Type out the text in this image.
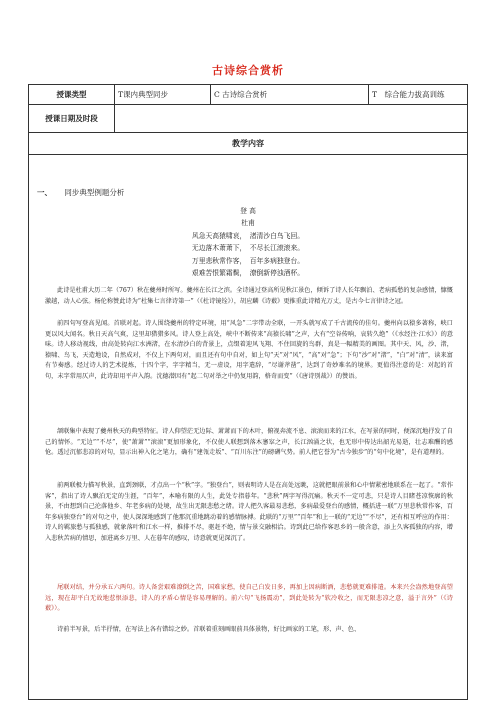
古诗综合赏析
授课类型	T课内典型同步	C 古诗综合赏析	T　综合能力拔高训练
授课日期及时段
教学内容
一、 同步典型例题分析
登 高
杜甫
风急天高猿啸哀，　渚清沙白鸟飞回。
无边落木萧萧下，　不尽长江滚滚来。
万里悲秋常作客，　百年多病独登台。
艰难苦恨繁霜鬓，　潦倒新停浊酒杯。

此诗是杜甫大历二年（767）秋在夔州时所写。夔州在长江之滨。全诗通过登高所见秋江景色，倾诉了诗人长年飘泊、老病孤愁的复杂感情，慷慨激越，动人心弦。杨伦称赞此诗为“杜集七言律诗第一”（《杜诗镜铨》），胡应麟《诗薮》更推重此诗精光万丈，是古今七言律诗之冠。

前四句写登高见闻。首联对起。诗人围绕夔州的特定环境，用“风急”二字带动全联，一开头就写成了千古流传的佳句。夔州向以猿多著称，峡口更以风大闻名。秋日天高气爽，这里却猎猎多风。诗人登上高处，峡中不断传来“高猿长啸”之声，大有“空谷传响，哀转久绝”（《水经注·江水》）的意味。诗人移动视线，由高处转向江水洲渚，在水清沙白的背景上，点缀着迎风飞翔、不住回旋的鸟群，真是一幅精美的画图。其中天、风，沙、渚，猿啸、鸟飞，天造地设，自然成对，不仅上下两句对，而且还有句中自对，如上句“天”对“风”，“高”对“急”；下句“沙”对“渚”，“白”对“清”，读来富有节奏感。经过诗人的艺术提炼，十四个字，字字精当，无一虚设，用字遣辞，“尽谢斧凿”，达到了奇妙难名的境界。更值得注意的是：对起的首句，末字常用仄声，此诗却用平声入韵。沈德潜因有“起二句对举之中仍复用韵，格奇而变”（《唐诗别裁》）的赞语。

颔联集中表现了夔州秋天的典型特征。诗人仰望茫无边际、萧萧而下的木叶，俯视奔流不息、滚滚而来的江水，在写景的同时，便深沉地抒发了自己的情怀。“无边”“不尽”，使“萧萧”“滚滚”更加形象化，不仅使人联想到落木窸窣之声，长江汹涌之状，也无形中传达出韶光易逝，壮志难酬的感怆。透过沉郁悲凉的对句，显示出神入化之笔力，确有“建瓴走坂”、“百川东注”的磅礴气势。前人把它誉为“古今独步”的“句中化境”，是有道理的。

前两联极力描写秋景，直到颈联，才点出一个“秋”字。“独登台”，则表明诗人是在高处远眺，这就把眼前景和心中情紧密地联系在一起了。“常作客”，指出了诗人飘泊无定的生涯，“百年”，本喻有限的人生，此处专指暮年。“悲秋”两字写得沉痛。秋天不一定可悲，只是诗人目睹苍凉恢廓的秋景，不由想到自己沦落他乡、年老多病的处境，故生出无限悲愁之绪。诗人把久客最易悲愁，多病最爱登台的感情，概括进一联“万里悲秋常作客，百年多病独登台”的对句之中，使人深深地感到了他那沉重地跳动着的感情脉搏。此联的“万里”“百年”和上一联的“无边”“不尽”，还有相互呼应的作用：诗人的羁旅愁与孤独感，就象落叶和江水一样，推排不尽，驱赶不绝，情与景交融相洽。诗到此已给作客思乡的一般含意，添上久客孤独的内容，增入悲秋苦病的情思，加进离乡万里、人在暮年的感叹，诗意就更见深沉了。

尾联对结，并分承五六两句。诗人备尝艰难潦倒之苦，国难家愁，使自己白发日多，再加上因病断酒，悲愁就更难排遣。本来兴会盎然地登高望远，现在却平白无故地惹恨添悲，诗人的矛盾心情是容易理解的。前六句“飞扬震动”，到此处转为“软冷收之，而无限悲凉之意，溢于言外”（《诗薮》）。

诗前半写景，后半抒情，在写法上各有错综之妙。首联着重刻画眼前具体景物，好比画家的工笔，形、声、色、
